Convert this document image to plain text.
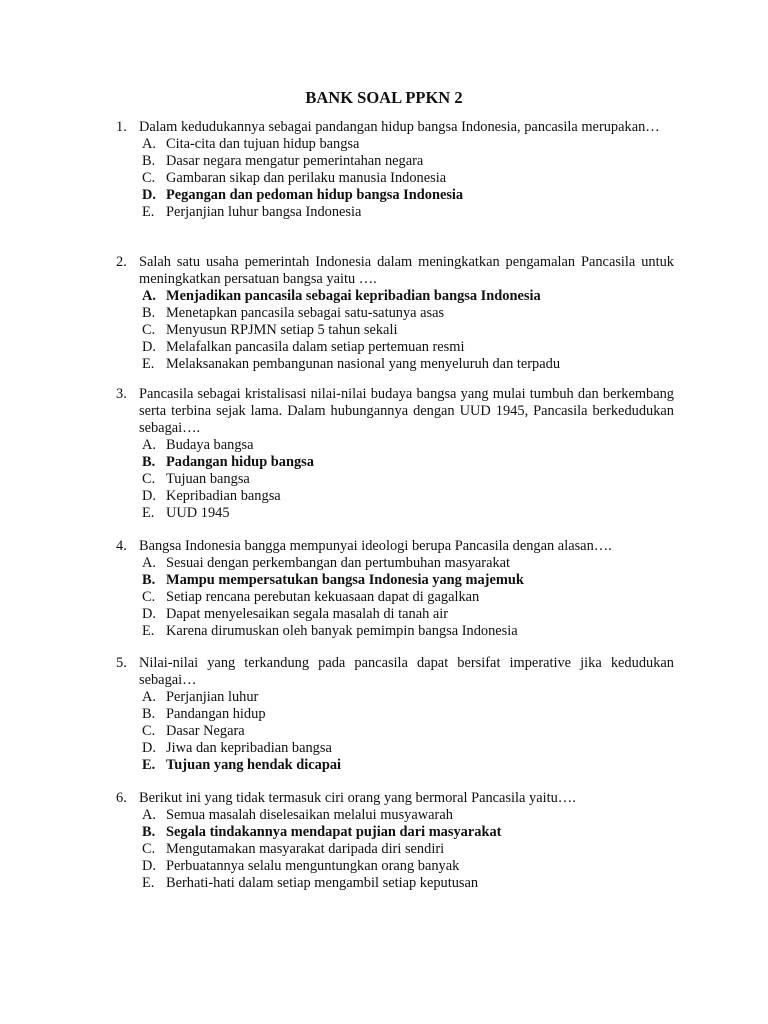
BANK SOAL PPKN 2
1. Dalam kedudukannya sebagai pandangan hidup bangsa Indonesia, pancasila merupakan…

A. Cita-cita dan tujuan hidup bangsa
B. Dasar negara mengatur pemerintahan negara
C. Gambaran sikap dan perilaku manusia Indonesia
D. Pegangan dan pedoman hidup bangsa Indonesia
E. Perjanjian luhur bangsa Indonesia
2. Salah satu usaha pemerintah Indonesia dalam meningkatkan pengamalan Pancasila untuk meningkatkan persatuan bangsa yaitu ….

A. Menjadikan pancasila sebagai kepribadian bangsa Indonesia
B. Menetapkan pancasila sebagai satu-satunya asas
C. Menyusun RPJMN setiap 5 tahun sekali
D. Melafalkan pancasila dalam setiap pertemuan resmi
E. Melaksanakan pembangunan nasional yang menyeluruh dan terpadu
3. Pancasila sebagai kristalisasi nilai-nilai budaya bangsa yang mulai tumbuh dan berkembang serta terbina sejak lama. Dalam hubungannya dengan UUD 1945, Pancasila berkedudukan sebagai….

A. Budaya bangsa
B. Padangan hidup bangsa
C. Tujuan bangsa
D. Kepribadian bangsa
E. UUD 1945
4. Bangsa Indonesia bangga mempunyai ideologi berupa Pancasila dengan alasan….

A. Sesuai dengan perkembangan dan pertumbuhan masyarakat
B. Mampu mempersatukan bangsa Indonesia yang majemuk
C. Setiap rencana perebutan kekuasaan dapat di gagalkan
D. Dapat menyelesaikan segala masalah di tanah air
E. Karena dirumuskan oleh banyak pemimpin bangsa Indonesia
5. Nilai-nilai yang terkandung pada pancasila dapat bersifat imperative jika kedudukan sebagai…

A. Perjanjian luhur
B. Pandangan hidup
C. Dasar Negara
D. Jiwa dan kepribadian bangsa
E. Tujuan yang hendak dicapai
6. Berikut ini yang tidak termasuk ciri orang yang bermoral Pancasila yaitu….

A. Semua masalah diselesaikan melalui musyawarah
B. Segala tindakannya mendapat pujian dari masyarakat
C. Mengutamakan masyarakat daripada diri sendiri
D. Perbuatannya selalu menguntungkan orang banyak
E. Berhati-hati dalam setiap mengambil setiap keputusan
